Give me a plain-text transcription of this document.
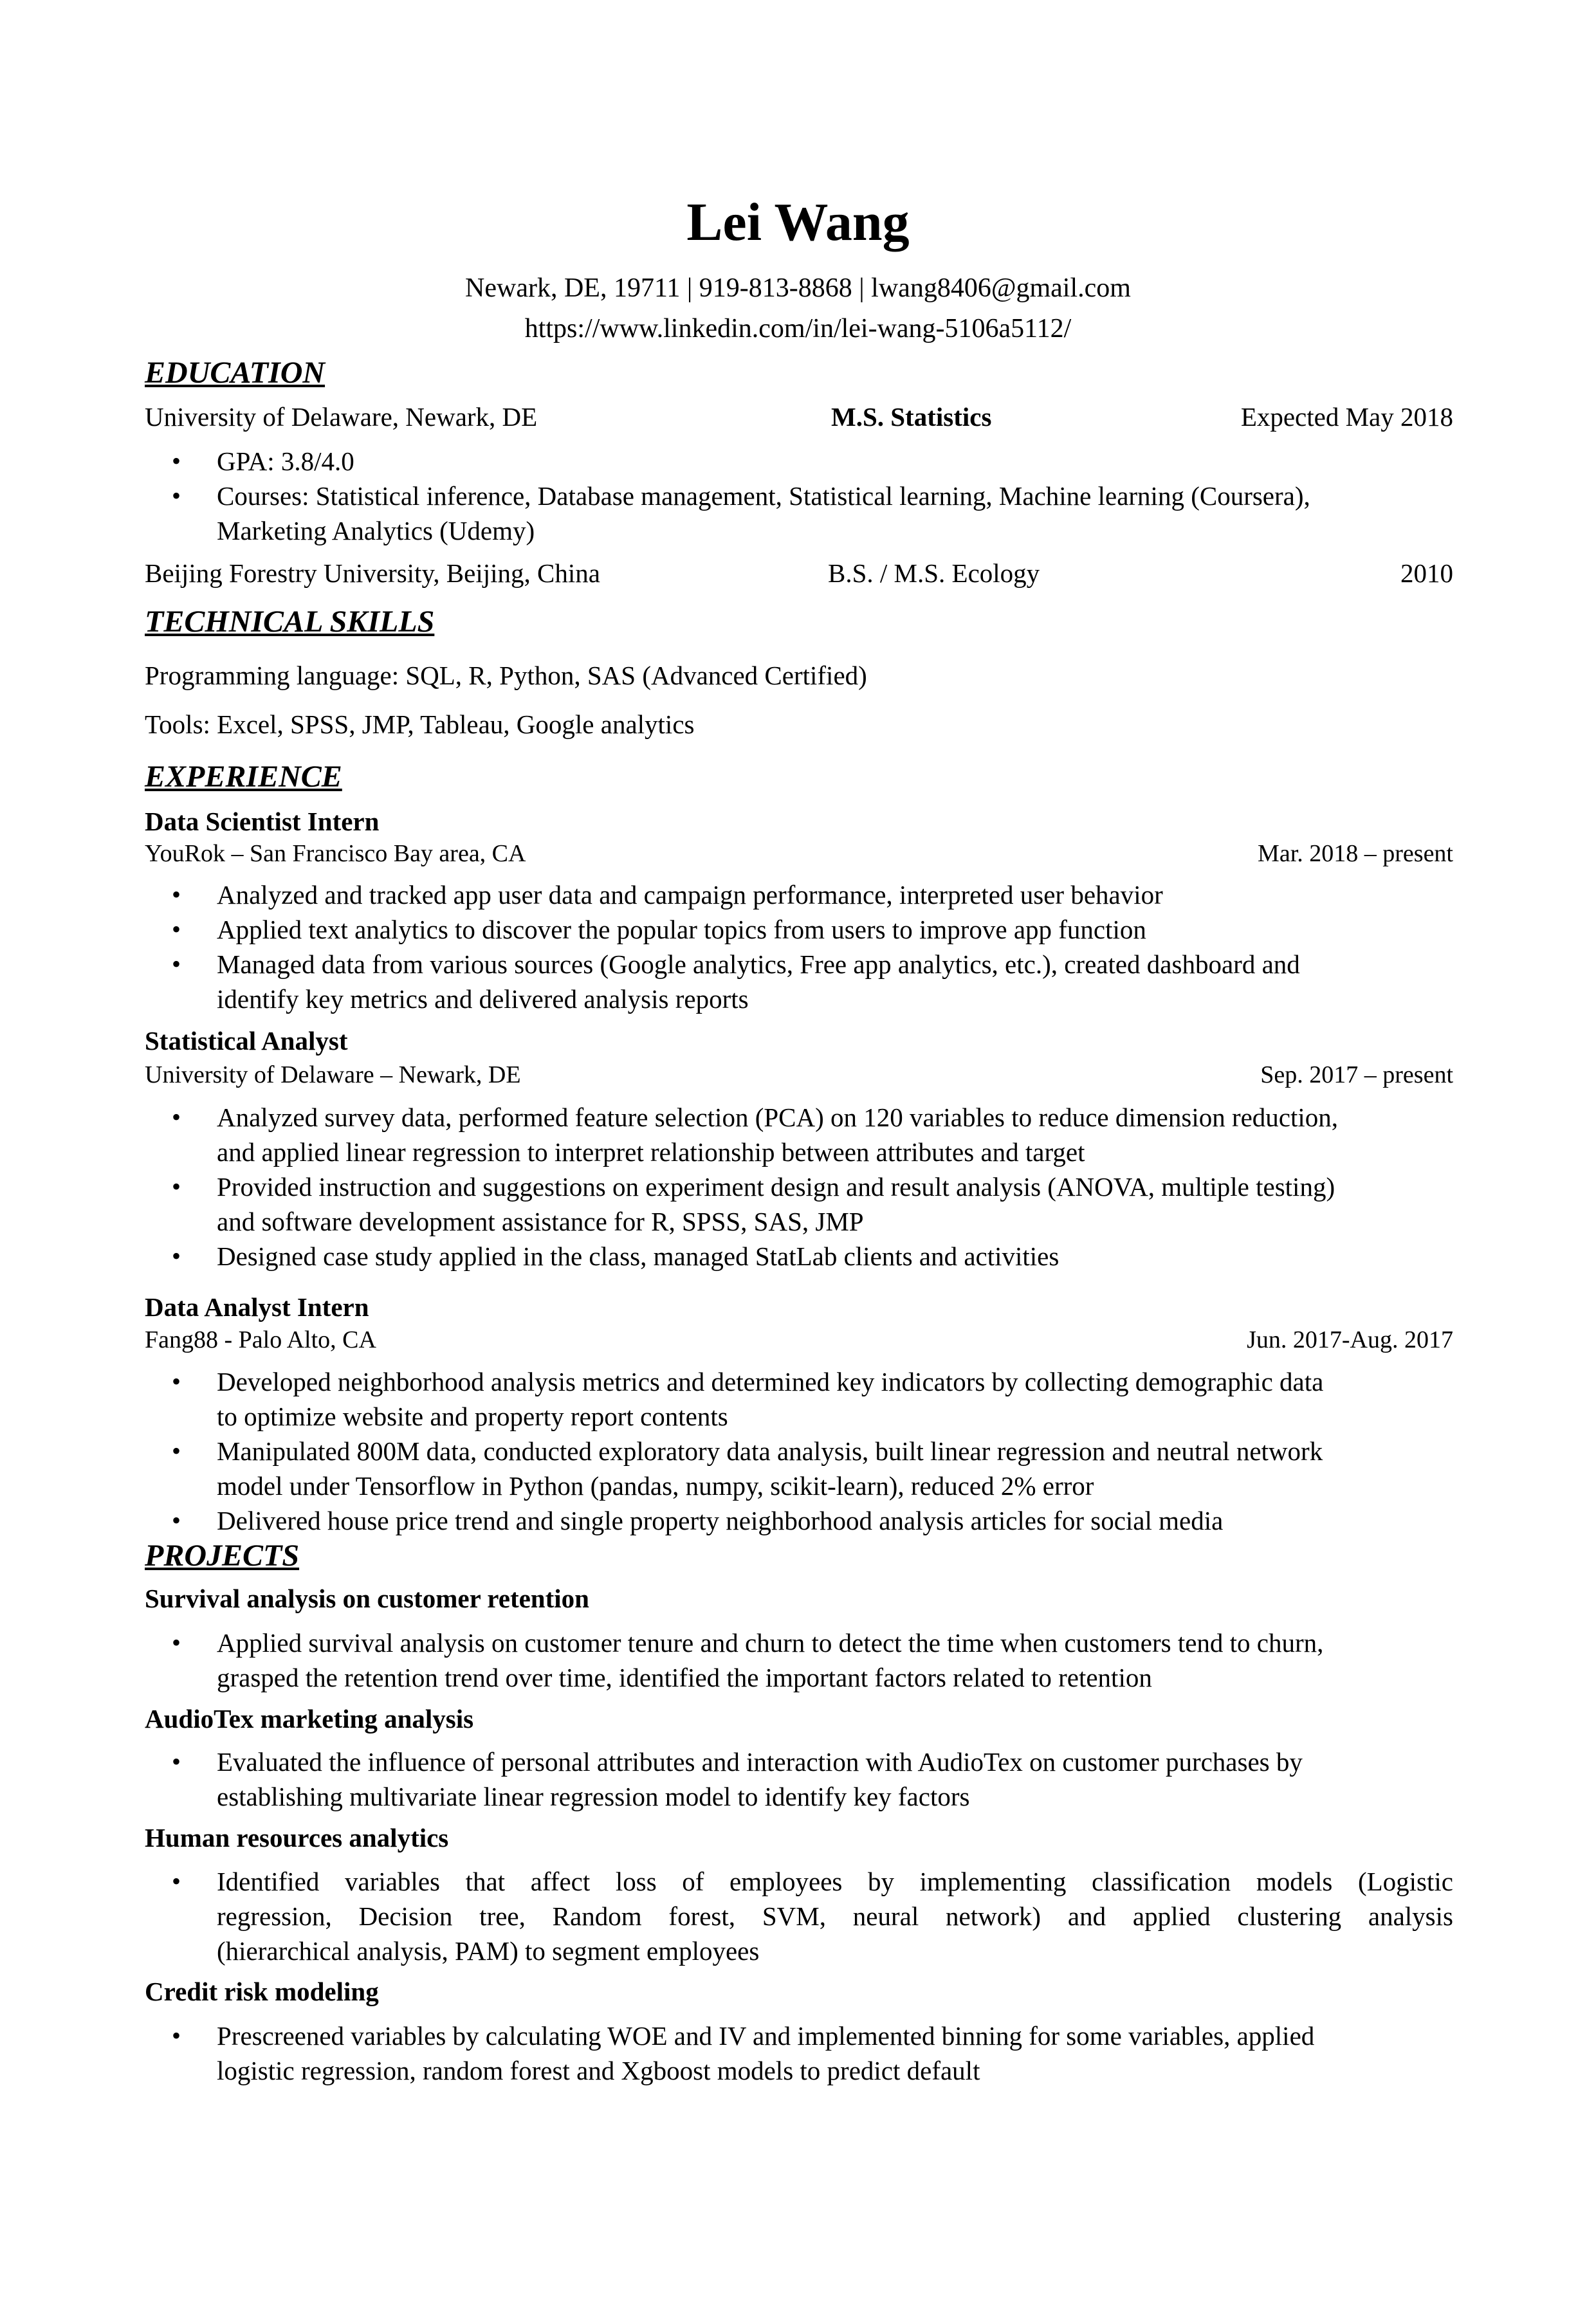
Lei Wang
Newark, DE, 19711 | 919-813-8868 | lwang8406@gmail.com
https://www.linkedin.com/in/lei-wang-5106a5112/
EDUCATION
University of Delaware, Newark, DE	M.S. Statistics	Expected May 2018
• GPA: 3.8/4.0
• Courses: Statistical inference, Database management, Statistical learning, Machine learning (Coursera),
Marketing Analytics (Udemy)
Beijing Forestry University, Beijing, China	B.S. / M.S. Ecology	2010
TECHNICAL SKILLS
Programming language: SQL, R, Python, SAS (Advanced Certified)
Tools: Excel, SPSS, JMP, Tableau, Google analytics
EXPERIENCE
Data Scientist Intern
YouRok – San Francisco Bay area, CA	Mar. 2018 – present
• Analyzed and tracked app user data and campaign performance, interpreted user behavior
• Applied text analytics to discover the popular topics from users to improve app function
• Managed data from various sources (Google analytics, Free app analytics, etc.), created dashboard and
identify key metrics and delivered analysis reports
Statistical Analyst
University of Delaware – Newark, DE	Sep. 2017 – present
• Analyzed survey data, performed feature selection (PCA) on 120 variables to reduce dimension reduction,
and applied linear regression to interpret relationship between attributes and target
• Provided instruction and suggestions on experiment design and result analysis (ANOVA, multiple testing)
and software development assistance for R, SPSS, SAS, JMP
• Designed case study applied in the class, managed StatLab clients and activities
Data Analyst Intern
Fang88 - Palo Alto, CA	Jun. 2017-Aug. 2017
• Developed neighborhood analysis metrics and determined key indicators by collecting demographic data
to optimize website and property report contents
• Manipulated 800M data, conducted exploratory data analysis, built linear regression and neutral network
model under Tensorflow in Python (pandas, numpy, scikit-learn), reduced 2% error
• Delivered house price trend and single property neighborhood analysis articles for social media
PROJECTS
Survival analysis on customer retention
• Applied survival analysis on customer tenure and churn to detect the time when customers tend to churn,
grasped the retention trend over time, identified the important factors related to retention
AudioTex marketing analysis
• Evaluated the influence of personal attributes and interaction with AudioTex on customer purchases by
establishing multivariate linear regression model to identify key factors
Human resources analytics
• Identified variables that affect loss of employees by implementing classification models (Logistic
regression, Decision tree, Random forest, SVM, neural network) and applied clustering analysis
(hierarchical analysis, PAM) to segment employees
Credit risk modeling
• Prescreened variables by calculating WOE and IV and implemented binning for some variables, applied
logistic regression, random forest and Xgboost models to predict default
